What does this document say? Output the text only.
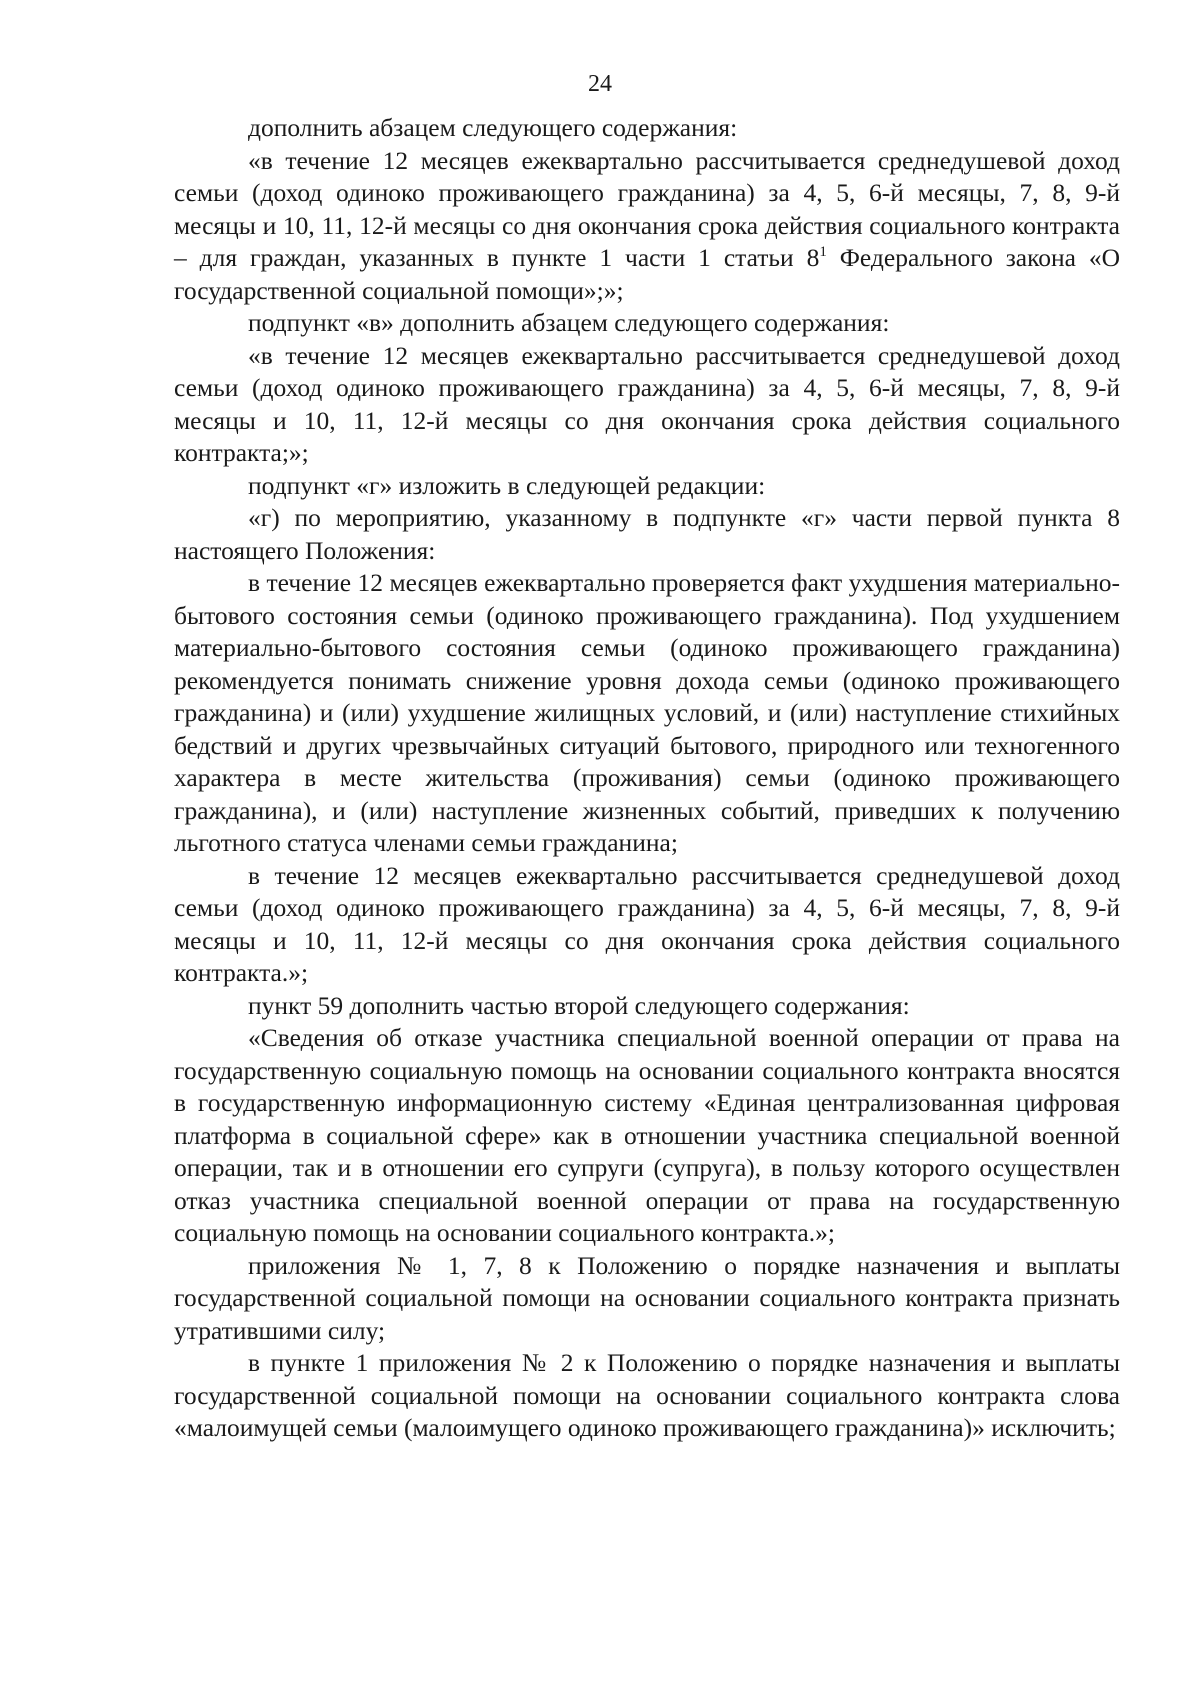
24

дополнить абзацем следующего содержания:

«в течение 12 месяцев ежеквартально рассчитывается среднедушевой доход семьи (доход одиноко проживающего гражданина) за 4, 5, 6-й месяцы, 7, 8, 9-й месяцы и 10, 11, 12-й месяцы со дня окончания срока действия социального контракта – для граждан, указанных в пункте 1 части 1 статьи $8^1$ Федерального закона «О государственной социальной помощи»;»;

подпункт «в» дополнить абзацем следующего содержания:

«в течение 12 месяцев ежеквартально рассчитывается среднедушевой доход семьи (доход одиноко проживающего гражданина) за 4, 5, 6-й месяцы, 7, 8, 9-й месяцы и 10, 11, 12-й месяцы со дня окончания срока действия социального контракта;»;

подпункт «г» изложить в следующей редакции:

«г) по мероприятию, указанному в подпункте «г» части первой пункта 8 настоящего Положения:

в течение 12 месяцев ежеквартально проверяется факт ухудшения материально-бытового состояния семьи (одиноко проживающего гражданина). Под ухудшением материально-бытового состояния семьи (одиноко проживающего гражданина) рекомендуется понимать снижение уровня дохода семьи (одиноко проживающего гражданина) и (или) ухудшение жилищных условий, и (или) наступление стихийных бедствий и других чрезвычайных ситуаций бытового, природного или техногенного характера в месте жительства (проживания) семьи (одиноко проживающего гражданина), и (или) наступление жизненных событий, приведших к получению льготного статуса членами семьи гражданина;

в течение 12 месяцев ежеквартально рассчитывается среднедушевой доход семьи (доход одиноко проживающего гражданина) за 4, 5, 6-й месяцы, 7, 8, 9-й месяцы и 10, 11, 12-й месяцы со дня окончания срока действия социального контракта.»;

пункт 59 дополнить частью второй следующего содержания:

«Сведения об отказе участника специальной военной операции от права на государственную социальную помощь на основании социального контракта вносятся в государственную информационную систему «Единая централизованная цифровая платформа в социальной сфере» как в отношении участника специальной военной операции, так и в отношении его супруги (супруга), в пользу которого осуществлен отказ участника специальной военной операции от права на государственную социальную помощь на основании социального контракта.»;

приложения № 1, 7, 8 к Положению о порядке назначения и выплаты государственной социальной помощи на основании социального контракта признать утратившими силу;

в пункте 1 приложения № 2 к Положению о порядке назначения и выплаты государственной социальной помощи на основании социального контракта слова «малоимущей семьи (малоимущего одиноко проживающего гражданина)» исключить;
